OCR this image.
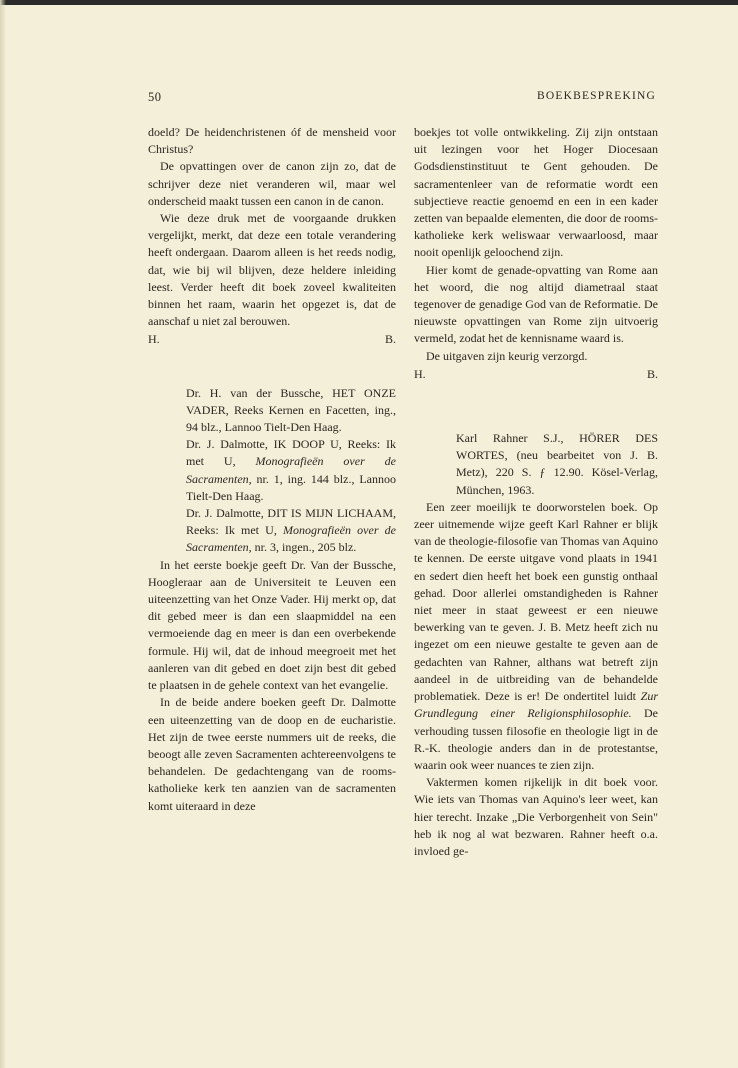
50	BOEKBESPREKING

doeld? De heidenchristenen óf de mensheid voor Christus?

De opvattingen over de canon zijn zo, dat de schrijver deze niet veranderen wil, maar wel onderscheid maakt tussen een canon in de canon.

Wie deze druk met de voorgaande drukken vergelijkt, merkt, dat deze een totale verandering heeft ondergaan. Daarom alleen is het reeds nodig, dat, wie bij wil blijven, deze heldere inleiding leest. Verder heeft dit boek zoveel kwaliteiten binnen het raam, waarin het opgezet is, dat de aanschaf u niet zal berouwen.

H.	B.
Dr. H. van der Bussche, HET ONZE VADER, Reeks Kernen en Facetten, ing., 94 blz., Lannoo Tielt-Den Haag.
Dr. J. Dalmotte, IK DOOP U, Reeks: Ik met U, Monografieën over de Sacramenten, nr. 1, ing. 144 blz., Lannoo Tielt-Den Haag.
Dr. J. Dalmotte, DIT IS MIJN LICHAAM, Reeks: Ik met U, Monografieën over de Sacramenten, nr. 3, ingen., 205 blz.

In het eerste boekje geeft Dr. Van der Bussche, Hoogleraar aan de Universiteit te Leuven een uiteenzetting van het Onze Vader. Hij merkt op, dat dit gebed meer is dan een slaapmiddel na een vermoeiende dag en meer is dan een overbekende formule. Hij wil, dat de inhoud meegroeit met het aanleren van dit gebed en doet zijn best dit gebed te plaatsen in de gehele context van het evangelie.

In de beide andere boeken geeft Dr. Dalmotte een uiteenzetting van de doop en de eucharistie. Het zijn de twee eerste nummers uit de reeks, die beoogt alle zeven Sacramenten achtereenvolgens te behandelen. De gedachtengang van de rooms-katholieke kerk ten aanzien van de sacramenten komt uiteraard in deze

boekjes tot volle ontwikkeling. Zij zijn ontstaan uit lezingen voor het Hoger Diocesaan Godsdienstinstituut te Gent gehouden. De sacramentenleer van de reformatie wordt een subjectieve reactie genoemd en een in een kader zetten van bepaalde elementen, die door de rooms-katholieke kerk weliswaar verwaarloosd, maar nooit openlijk geloochend zijn.

Hier komt de genade-opvatting van Rome aan het woord, die nog altijd diametraal staat tegenover de genadige God van de Reformatie. De nieuwste opvattingen van Rome zijn uitvoerig vermeld, zodat het de kennisname waard is.

De uitgaven zijn keurig verzorgd.

H.	B.
Karl Rahner S.J., HÖRER DES WORTES, (neu bearbeitet von J. B. Metz), 220 S. ƒ 12.90. Kösel-Verlag, München, 1963.

Een zeer moeilijk te doorworstelen boek. Op zeer uitnemende wijze geeft Karl Rahner er blijk van de theologie-filosofie van Thomas van Aquino te kennen. De eerste uitgave vond plaats in 1941 en sedert dien heeft het boek een gunstig onthaal gehad. Door allerlei omstandigheden is Rahner niet meer in staat geweest er een nieuwe bewerking van te geven. J. B. Metz heeft zich nu ingezet om een nieuwe gestalte te geven aan de gedachten van Rahner, althans wat betreft zijn aandeel in de uitbreiding van de behandelde problematiek. Deze is er! De ondertitel luidt Zur Grundlegung einer Religionsphilosophie. De verhouding tussen filosofie en theologie ligt in de R.-K. theologie anders dan in de protestantse, waarin ook weer nuances te zien zijn.

Vaktermen komen rijkelijk in dit boek voor. Wie iets van Thomas van Aquino's leer weet, kan hier terecht. Inzake „Die Verborgenheit von Sein" heb ik nog al wat bezwaren. Rahner heeft o.a. invloed ge-
